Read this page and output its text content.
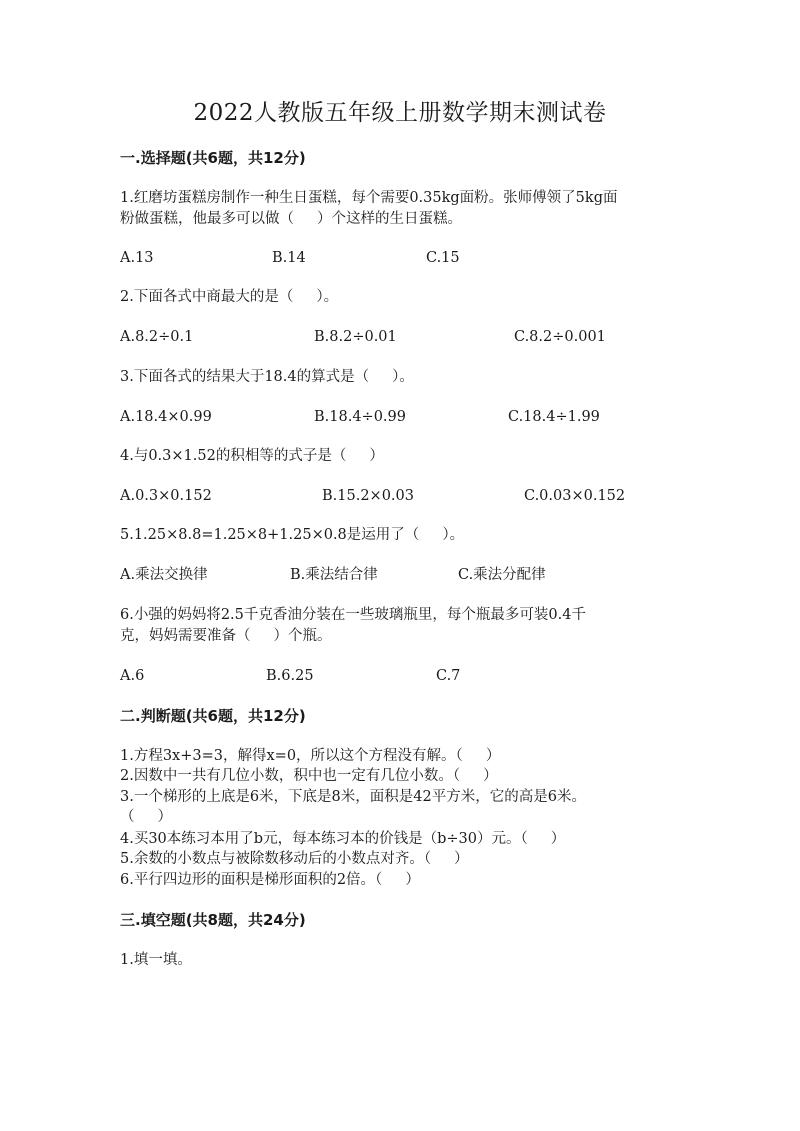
2022人教版五年级上册数学期末测试卷
一.选择题(共6题，共12分)
1.红磨坊蛋糕房制作一种生日蛋糕，每个需要0.35kg面粉。张师傅领了5kg面
粉做蛋糕，他最多可以做（     ）个这样的生日蛋糕。
A.13	B.14	C.15
2.下面各式中商最大的是（     ）。
A.8.2÷0.1	B.8.2÷0.01	C.8.2÷0.001
3.下面各式的结果大于18.4的算式是（     ）。
A.18.4×0.99	B.18.4÷0.99	C.18.4÷1.99
4.与0.3×1.52的积相等的式子是（     ）
A.0.3×0.152	B.15.2×0.03	C.0.03×0.152
5.1.25×8.8=1.25×8+1.25×0.8是运用了（     ）。
A.乘法交换律	B.乘法结合律	C.乘法分配律
6.小强的妈妈将2.5千克香油分装在一些玻璃瓶里，每个瓶最多可装0.4千
克，妈妈需要准备（     ）个瓶。
A.6	B.6.25	C.7
二.判断题(共6题，共12分)
1.方程3x+3=3，解得x=0，所以这个方程没有解。（     ）
2.因数中一共有几位小数，积中也一定有几位小数。（     ）
3.一个梯形的上底是6米，下底是8米，面积是42平方米，它的高是6米。
（     ）
4.买30本练习本用了b元，每本练习本的价钱是（b÷30）元。（     ）
5.余数的小数点与被除数移动后的小数点对齐。（     ）
6.平行四边形的面积是梯形面积的2倍。（     ）
三.填空题(共8题，共24分)
1.填一填。
